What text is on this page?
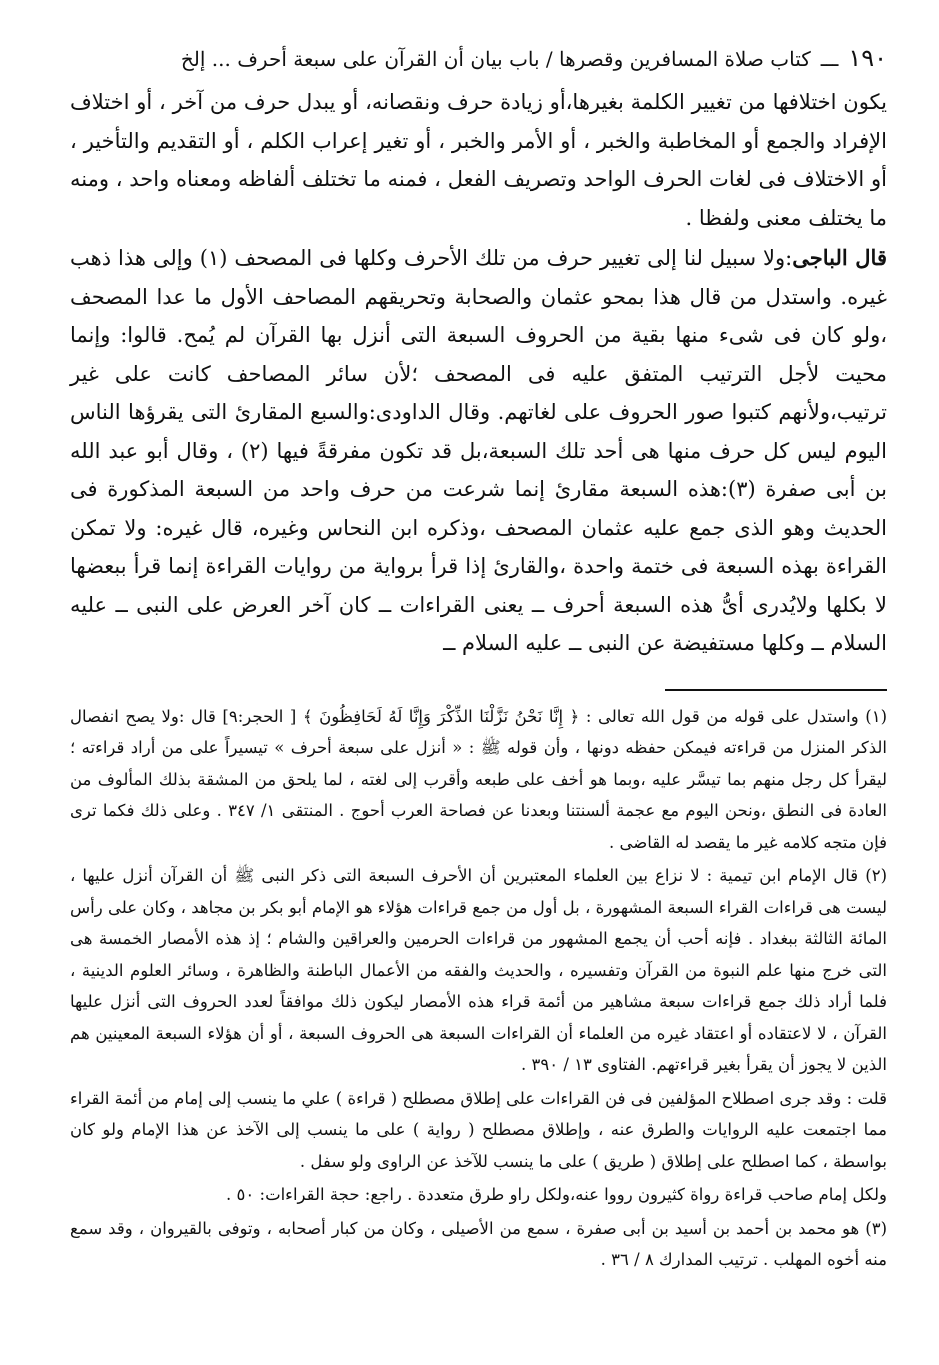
١٩٠
ـــ
كتاب صلاة المسافرين وقصرها / باب بيان أن القرآن على سبعة أحرف ... إلخ

يكون اختلافها من تغيير الكلمة بغيرها،أو زيادة حرف ونقصانه، أو يبدل حرف من آخر ، أو اختلاف الإفراد والجمع أو المخاطبة والخبر ، أو الأمر والخبر ، أو تغير إعراب الكلم ، أو التقديم والتأخير ، أو الاختلاف فى لغات الحرف الواحد وتصريف الفعل ، فمنه ما تختلف ألفاظه ومعناه واحد ، ومنه ما يختلف معنى ولفظا .

قال الباجى:ولا سبيل لنا إلى تغيير حرف من تلك الأحرف وكلها فى المصحف (١) وإلى هذا ذهب غيره. واستدل من قال هذا بمحو عثمان والصحابة وتحريقهم المصاحف الأول ما عدا المصحف ،ولو كان فى شىء منها بقية من الحروف السبعة التى أنزل بها القرآن لم يُمح. قالوا: وإنما محيت لأجل الترتيب المتفق عليه فى المصحف ؛لأن سائر المصاحف كانت على غير ترتيب،ولأنهم كتبوا صور الحروف على لغاتهم. وقال الداودى:والسبع المقارئ التى يقرؤها الناس اليوم ليس كل حرف منها هى أحد تلك السبعة،بل قد تكون مفرقةً فيها (٢) ، وقال أبو عبد الله بن أبى صفرة (٣):هذه السبعة مقارئ إنما شرعت من حرف واحد من السبعة المذكورة فى الحديث وهو الذى جمع عليه عثمان المصحف ،وذكره ابن النحاس وغيره، قال غيره: ولا تمكن القراءة بهذه السبعة فى ختمة واحدة ،والقارئ إذا قرأ برواية من روايات القراءة إنما قرأ ببعضها لا بكلها ولايُدرى أىُّ هذه السبعة أحرف ــ يعنى القراءات ــ كان آخر العرض على النبى ــ عليه السلام ــ وكلها مستفيضة عن النبى ــ عليه السلام ــ

(١) واستدل على قوله من قول الله تعالى : ﴿ إِنَّا نَحْنُ نَزَّلْنَا الذِّكْرَ وَإِنَّا لَهُ لَحَافِظُونَ ﴾ [ الحجر:٩] قال :ولا يصح انفصال الذكر المنزل من قراءته فيمكن حفظه دونها ، وأن قوله ﷺ : « أنزل على سبعة أحرف » تيسيراً على من أراد قراءته ؛ ليقرأ كل رجل منهم بما تيسَّر عليه ،وبما هو أخف على طبعه وأقرب إلى لغته ، لما يلحق من المشقة بذلك المألوف من العادة فى النطق ،ونحن اليوم مع عجمة ألسنتنا وبعدنا عن فصاحة العرب أحوج . المنتقى ١/ ٣٤٧ . وعلى ذلك فكما ترى فإن متجه كلامه غير ما يقصد له القاضى .

(٢) قال الإمام ابن تيمية : لا نزاع بين العلماء المعتبرين أن الأحرف السبعة التى ذكر النبى ﷺ أن القرآن أنزل عليها ، ليست هى قراءات القراء السبعة المشهورة ، بل أول من جمع قراءات هؤلاء هو الإمام أبو بكر بن مجاهد ، وكان على رأس المائة الثالثة ببغداد . فإنه أحب أن يجمع المشهور من قراءات الحرمين والعراقين والشام ؛ إذ هذه الأمصار الخمسة هى التى خرج منها علم النبوة من القرآن وتفسيره ، والحديث والفقه من الأعمال الباطنة والظاهرة ، وسائر العلوم الدينية ، فلما أراد ذلك جمع قراءات سبعة مشاهير من أئمة قراء هذه الأمصار ليكون ذلك موافقاً لعدد الحروف التى أنزل عليها القرآن ، لا لاعتقاده أو اعتقاد غيره من العلماء أن القراءات السبعة هى الحروف السبعة ، أو أن هؤلاء السبعة المعينين هم الذين لا يجوز أن يقرأ بغير قراءتهم. الفتاوى ١٣ / ٣٩٠ .

قلت : وقد جرى اصطلاح المؤلفين فى فن القراءات على إطلاق مصطلح ( قراءة ) علي ما ينسب إلى إمام من أئمة القراء مما اجتمعت عليه الروايات والطرق عنه ، وإطلاق مصطلح ( رواية ) على ما ينسب إلى الآخذ عن هذا الإمام ولو كان بواسطة ، كما اصطلح على إطلاق ( طريق ) على ما ينسب للآخذ عن الراوى ولو سفل .

ولكل إمام صاحب قراءة رواة كثيرون رووا عنه،ولكل راو طرق متعددة . راجع: حجة القراءات: ٥٠ .

(٣) هو محمد بن أحمد بن أسيد بن أبى صفرة ، سمع من الأصيلى ، وكان من كبار أصحابه ، وتوفى بالقيروان ، وقد سمع منه أخوه المهلب . ترتيب المدارك ٨ / ٣٦ .
